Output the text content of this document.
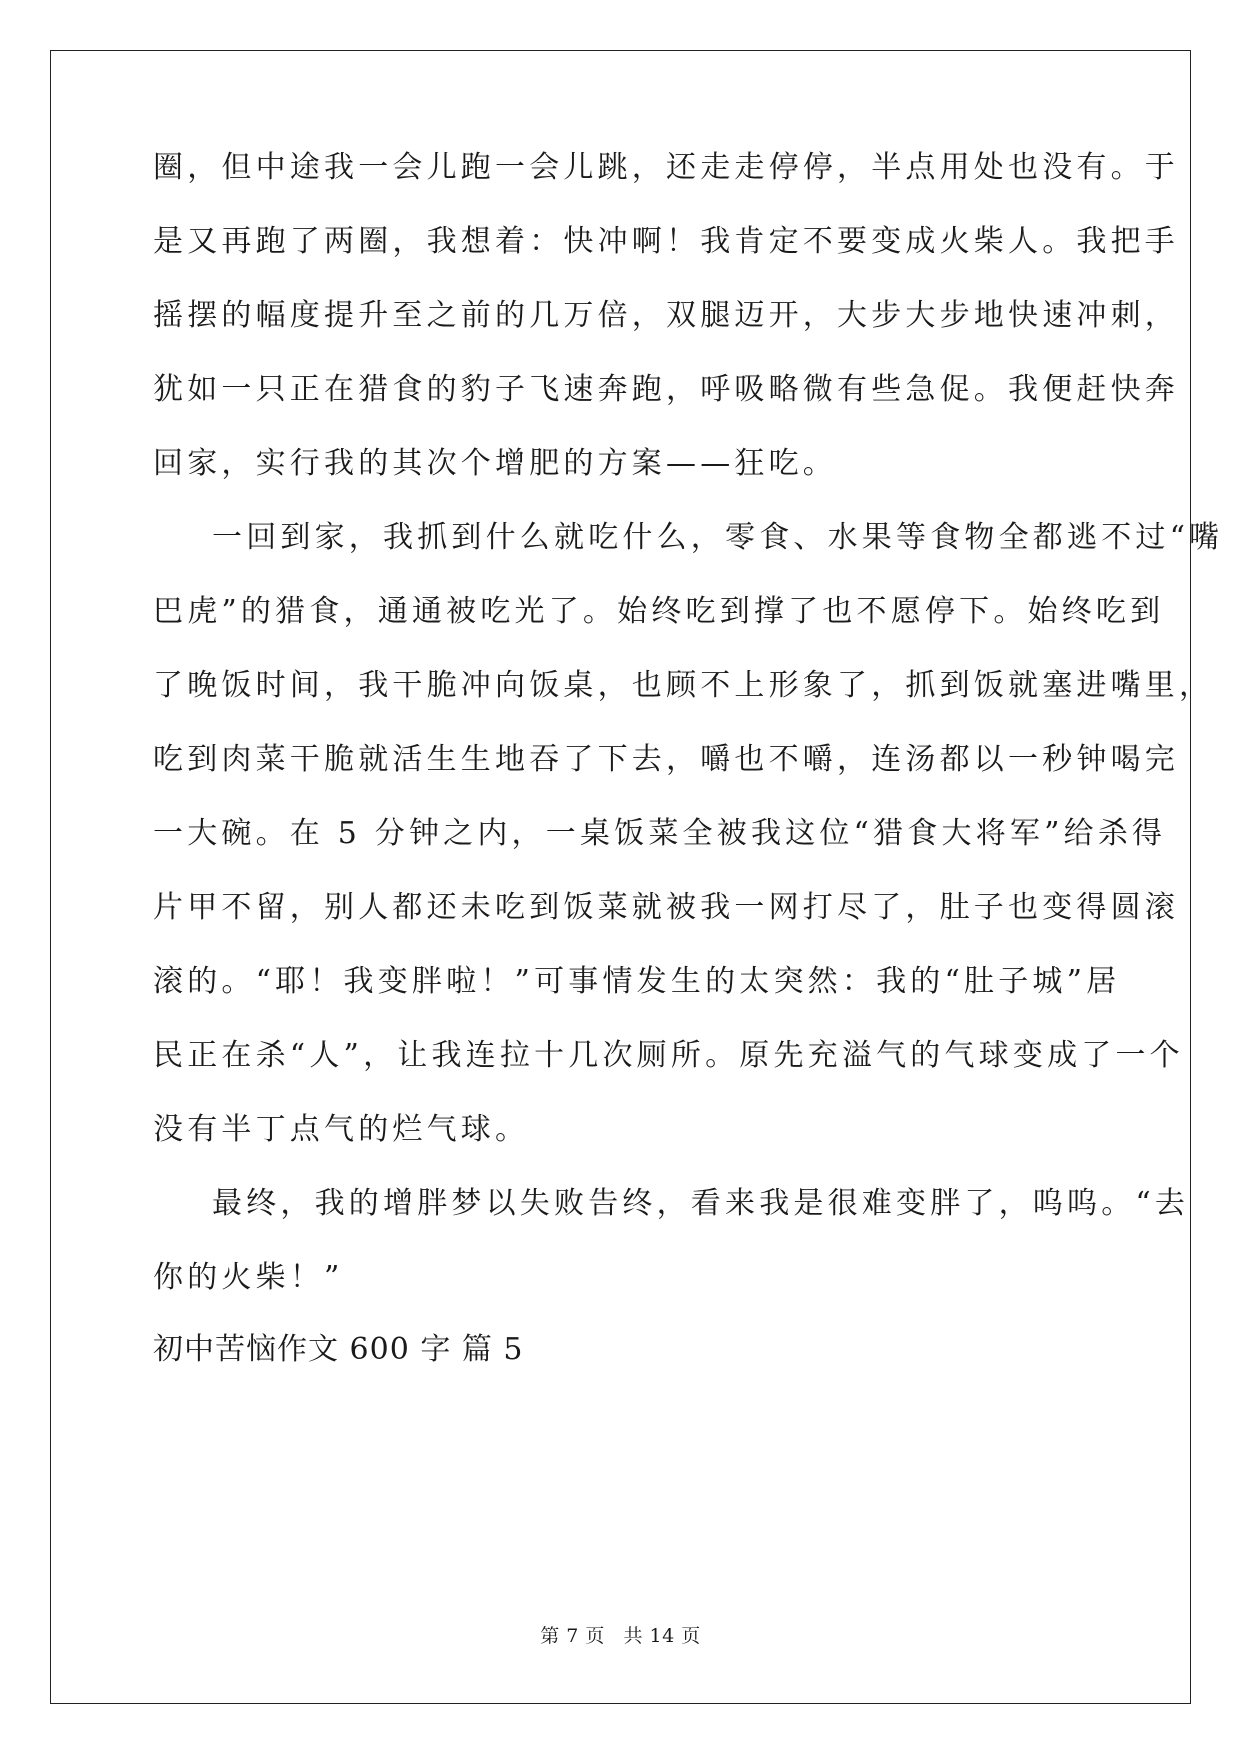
圈，但中途我一会儿跑一会儿跳，还走走停停，半点用处也没有。于
是又再跑了两圈，我想着：快冲啊！我肯定不要变成火柴人。我把手
摇摆的幅度提升至之前的几万倍，双腿迈开，大步大步地快速冲刺，
犹如一只正在猎食的豹子飞速奔跑，呼吸略微有些急促。我便赶快奔
回家，实行我的其次个增肥的方案——狂吃。
一回到家，我抓到什么就吃什么，零食、水果等食物全都逃不过“嘴
巴虎”的猎食，通通被吃光了。始终吃到撑了也不愿停下。始终吃到
了晚饭时间，我干脆冲向饭桌，也顾不上形象了，抓到饭就塞进嘴里，
吃到肉菜干脆就活生生地吞了下去，嚼也不嚼，连汤都以一秒钟喝完
一大碗。在 5 分钟之内，一桌饭菜全被我这位“猎食大将军”给杀得
片甲不留，别人都还未吃到饭菜就被我一网打尽了，肚子也变得圆滚
滚的。“耶！我变胖啦！”可事情发生的太突然：我的“肚子城”居
民正在杀“人”，让我连拉十几次厕所。原先充溢气的气球变成了一个
没有半丁点气的烂气球。
最终，我的增胖梦以失败告终，看来我是很难变胖了，呜呜。“去
你的火柴！”
初中苦恼作文 600 字 篇 5
第 7 页 共 14 页
